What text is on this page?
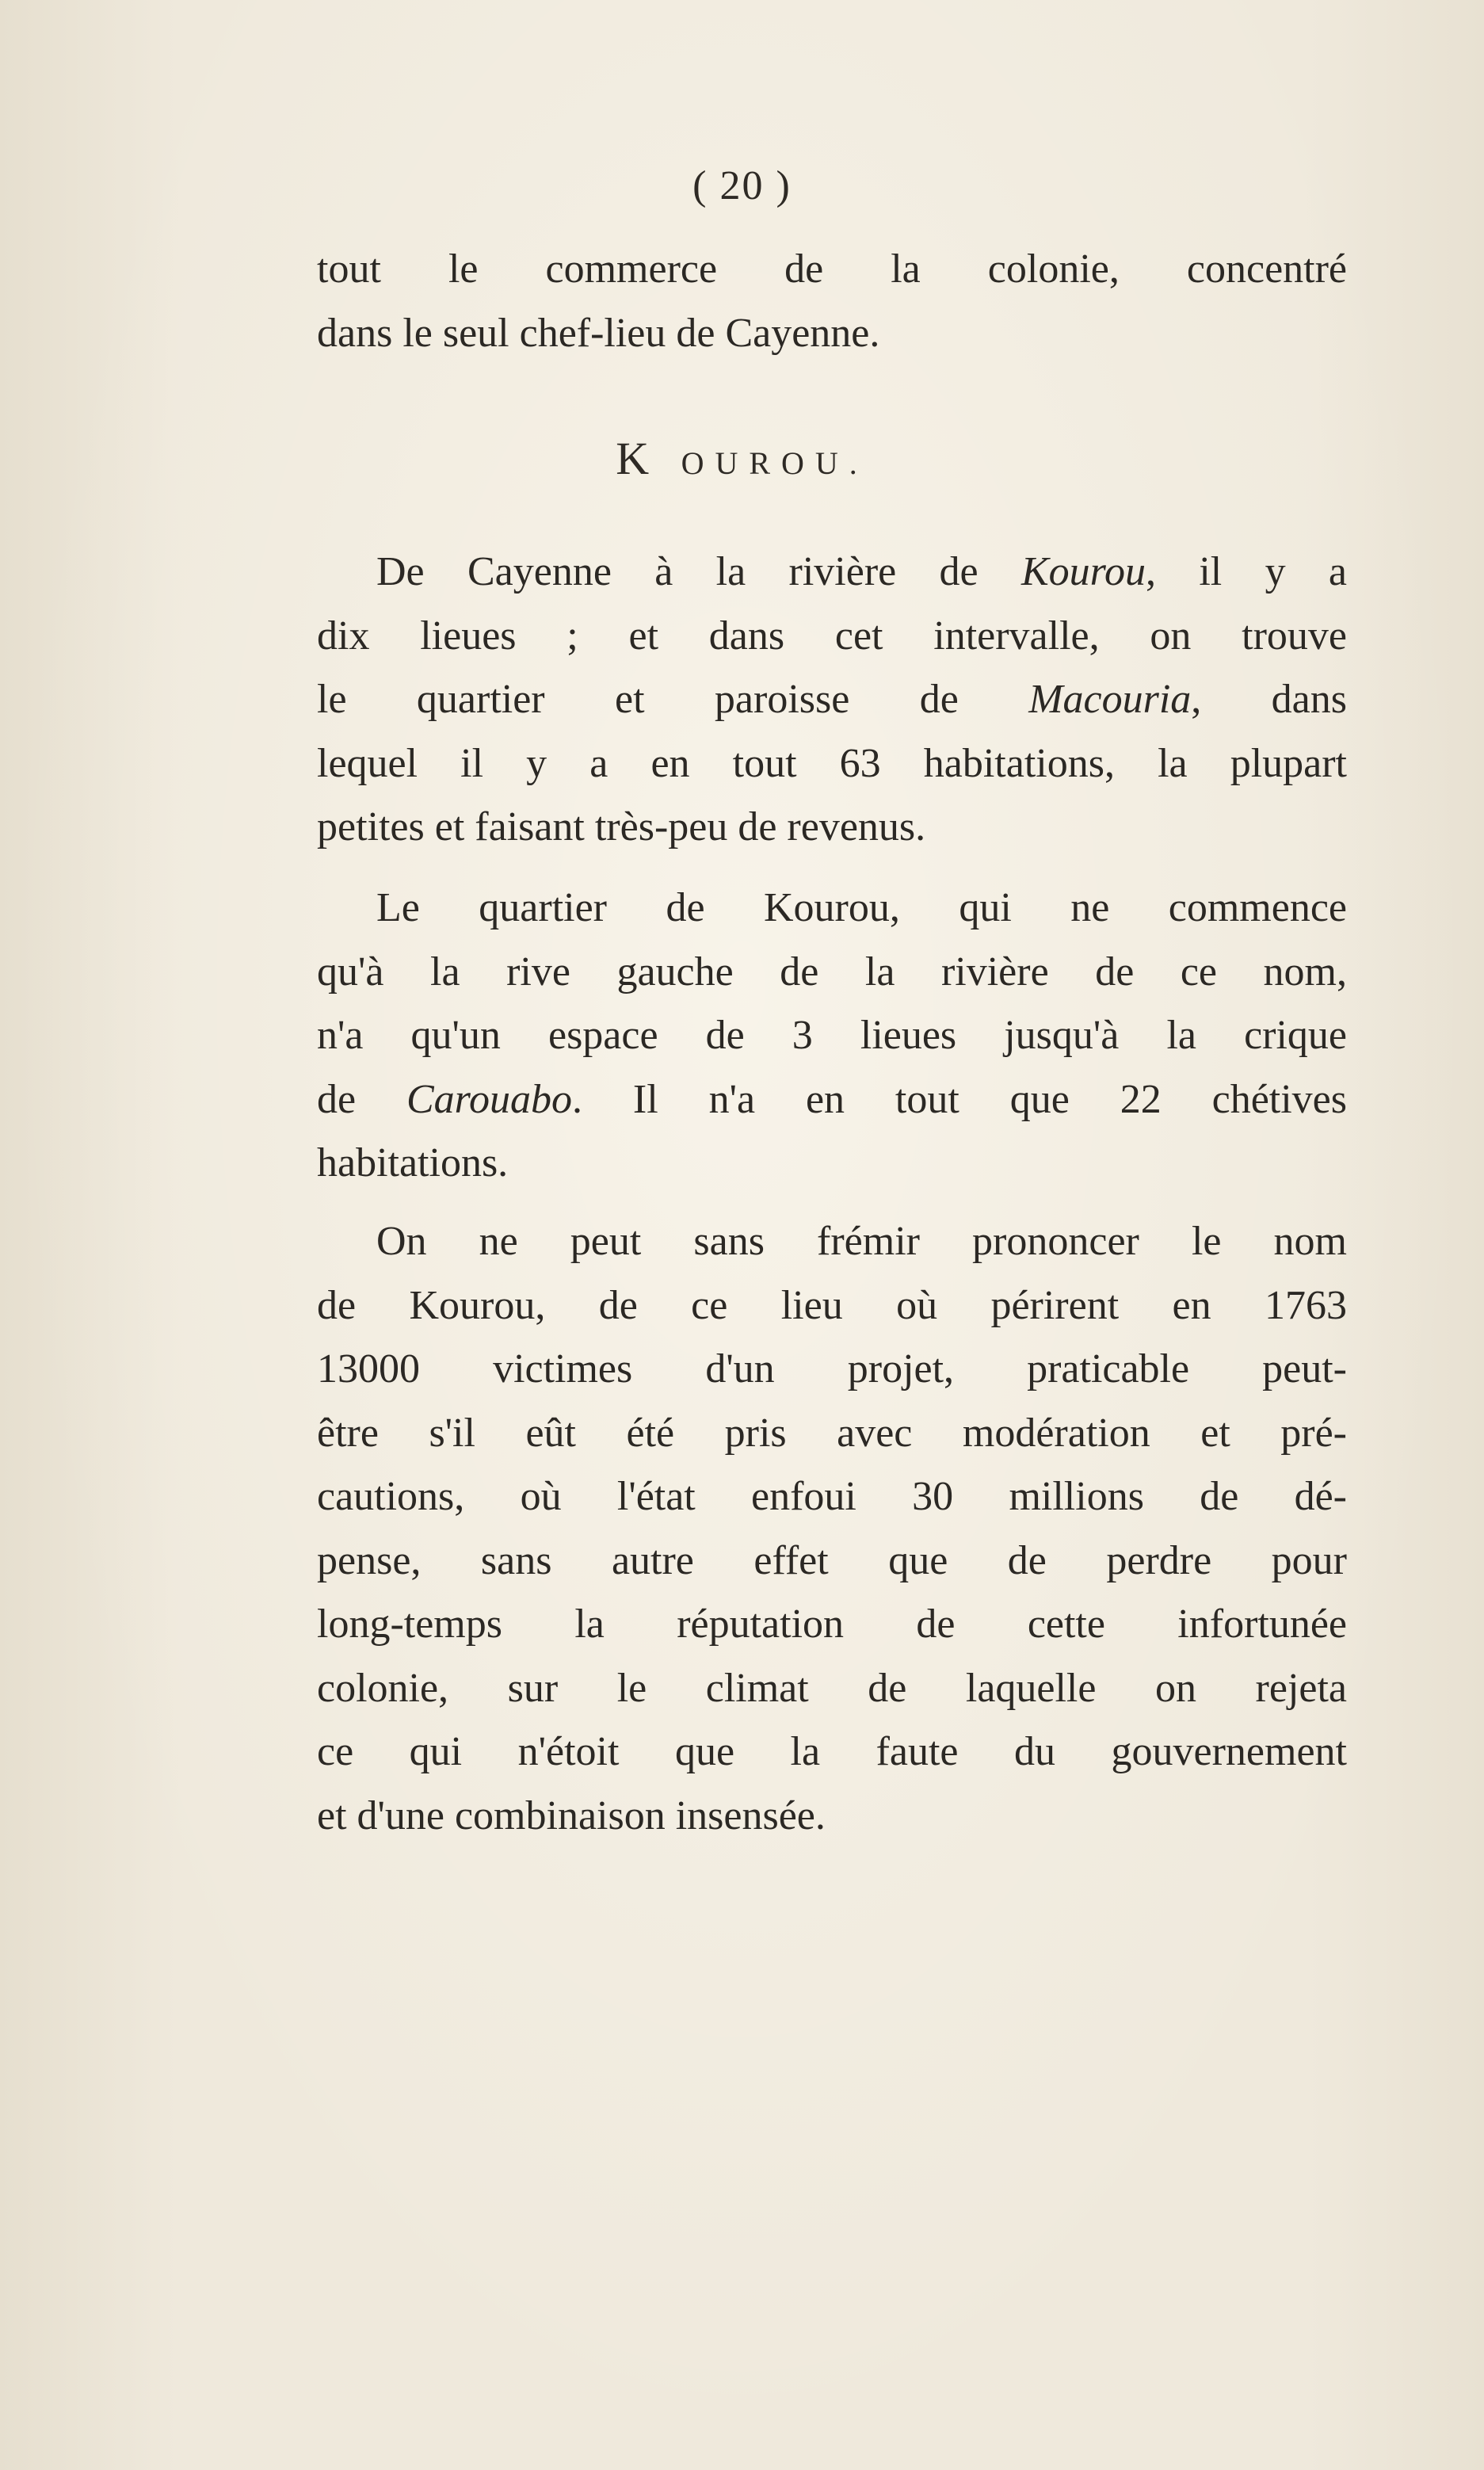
( 20 )
tout le commerce de la colonie, concentré
dans le seul chef-lieu de Cayenne.
K OUROU.
De Cayenne à la rivière de Kourou, il y a
dix lieues ; et dans cet intervalle, on trouve
le quartier et paroisse de Macouria, dans
lequel il y a en tout 63 habitations, la plupart
petites et faisant très-peu de revenus.
Le quartier de Kourou, qui ne commence
qu'à la rive gauche de la rivière de ce nom,
n'a qu'un espace de 3 lieues jusqu'à la crique
de Carouabo. Il n'a en tout que 22 chétives
habitations.
On ne peut sans frémir prononcer le nom
de Kourou, de ce lieu où périrent en 1763
13000 victimes d'un projet, praticable peut-
être s'il eût été pris avec modération et pré-
cautions, où l'état enfoui 30 millions de dé-
pense, sans autre effet que de perdre pour
long-temps la réputation de cette infortunée
colonie, sur le climat de laquelle on rejeta
ce qui n'étoit que la faute du gouvernement
et d'une combinaison insensée.
